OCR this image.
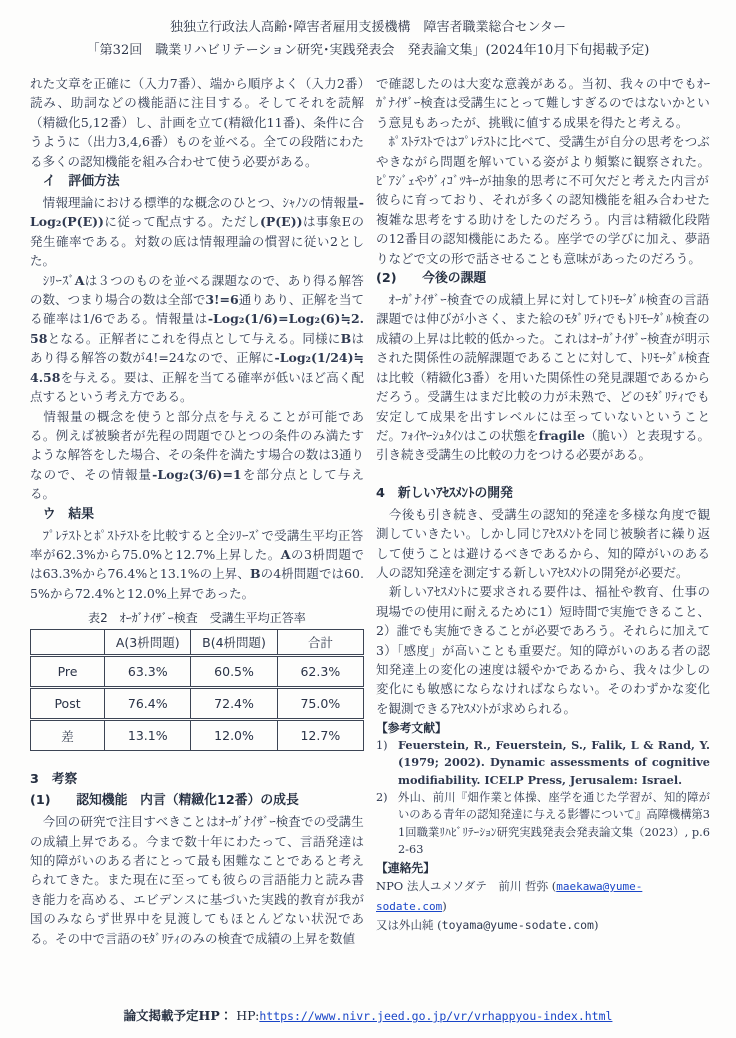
独独立行政法人高齢･障害者雇用支援機構　障害者職業総合センター
「第32回　職業リハビリテーション研究･実践発表会　発表論文集」(2024年10月下旬掲載予定)

れた文章を正確に（入力7番）、端から順序よく（入力2番）読み、助詞などの機能語に注目する。そしてそれを読解（精緻化5,12番）し、計画を立て(精緻化11番)、条件に合うように（出力3,4,6番）ものを並べる。全ての段階にわたる多くの認知機能を組み合わせて使う必要がある。

　イ　評価方法

　情報理論における標準的な概念のひとつ、ｼｬﾉﾝの情報量-Log₂(P(E))に従って配点する。ただし(P(E))は事象Eの発生確率である。対数の底は情報理論の慣習に従い2とした。

　ｼﾘｰｽﾞAは３つのものを並べる課題なので、あり得る解答の数、つまり場合の数は全部で3!=6通りあり、正解を当てる確率は1/6である。情報量は-Log₂(1/6)=Log₂(6)≒2.58となる。正解者にこれを得点として与える。同様にBはあり得る解答の数が4!=24なので、正解に-Log₂(1/24)≒4.58を与える。要は、正解を当てる確率が低いほど高く配点するという考え方である。

　情報量の概念を使うと部分点を与えることが可能である。例えば被験者が先程の問題でひとつの条件のみ満たすような解答をした場合、その条件を満たす場合の数は3通りなので、その情報量-Log₂(3/6)=1を部分点として与える。

　ウ　結果

　ﾌﾟﾚﾃｽﾄとﾎﾟｽﾄﾃｽﾄを比較すると全ｼﾘｰｽﾞで受講生平均正答率が62.3%から75.0%と12.7%上昇した。Aの3枡問題では63.3%から76.4%と13.1%の上昇、Bの4枡問題では60.5%から72.4%と12.0%上昇であった。

表2　ｵｰｶﾞﾅｲｻﾞｰ検査　受講生平均正答率

	A(3枡問題)	B(4枡問題)	合計
Pre	63.3%	60.5%	62.3%
Post	76.4%	72.4%	75.0%
差	13.1%	12.0%	12.7%

3　考察

(1)　　認知機能　内言（精緻化12番）の成長

　今回の研究で注目すべきことはｵｰｶﾞﾅｲｻﾞｰ検査での受講生の成績上昇である。今まで数十年にわたって、言語発達は知的障がいのある者にとって最も困難なことであると考えられてきた。また現在に至っても彼らの言語能力と読み書き能力を高める、エビデンスに基づいた実践的教育が我が国のみならず世界中を見渡してもほとんどない状況である。その中で言語のﾓﾀﾞﾘﾃｨのみの検査で成績の上昇を数値

で確認したのは大変な意義がある。当初、我々の中でもｵｰｶﾞﾅｲｻﾞｰ検査は受講生にとって難しすぎるのではないかという意見もあったが、挑戦に値する成果を得たと考える。

　ﾎﾟｽﾄﾃｽﾄではﾌﾟﾚﾃｽﾄに比べて、受講生が自分の思考をつぶやきながら問題を解いている姿がより頻繁に観察された。ﾋﾟｱｼﾞｪやｳﾞｨｺﾞﾂｷｰが抽象的思考に不可欠だと考えた内言が彼らに育っており、それが多くの認知機能を組み合わせた複雑な思考をする助けをしたのだろう。内言は精緻化段階の12番目の認知機能にあたる。座学での学びに加え、夢語りなどで文の形で話させることも意味があったのだろう。

(2)　　今後の課題

　ｵｰｶﾞﾅｲｻﾞｰ検査での成績上昇に対してﾄﾘﾓｰﾀﾞﾙ検査の言語課題では伸びが小さく、また絵のﾓﾀﾞﾘﾃｨでもﾄﾘﾓｰﾀﾞﾙ検査の成績の上昇は比較的低かった。これはｵｰｶﾞﾅｲｻﾞｰ検査が明示された関係性の読解課題であることに対して、ﾄﾘﾓｰﾀﾞﾙ検査は比較（精緻化3番）を用いた関係性の発見課題であるからだろう。受講生はまだ比較の力が未熟で、どのﾓﾀﾞﾘﾃｨでも安定して成果を出すレベルには至っていないということだ。ﾌｫｲﾔｰｼｭﾀｲﾝはこの状態をfragile（脆い）と表現する。引き続き受講生の比較の力をつける必要がある。

4　新しいｱｾｽﾒﾝﾄの開発

　今後も引き続き、受講生の認知的発達を多様な角度で観測していきたい。しかし同じｱｾｽﾒﾝﾄを同じ被験者に繰り返して使うことは避けるべきであるから、知的障がいのある人の認知発達を測定する新しいｱｾｽﾒﾝﾄの開発が必要だ。

　新しいｱｾｽﾒﾝﾄに要求される要件は、福祉や教育、仕事の現場での使用に耐えるために1）短時間で実施できること、2）誰でも実施できることが必要であろう。それらに加えて3）「感度」が高いことも重要だ。知的障がいのある者の認知発達上の変化の速度は緩やかであるから、我々は少しの変化にも敏感にならなければならない。そのわずかな変化を観測できるｱｾｽﾒﾝﾄが求められる。

【参考文献】

1) Feuerstein, R., Feuerstein, S., Falik, L & Rand, Y. (1979; 2002). Dynamic assessments of cognitive modifiability. ICELP Press, Jerusalem: Israel.
2) 外山、前川『畑作業と体操、座学を通じた学習が、知的障がいのある青年の認知発達に与える影響について』高障機構第31回職業ﾘﾊﾋﾞﾘﾃｰｼｮﾝ研究実践発表会発表論文集（2023）, p.62-63

【連絡先】

NPO 法人ユメソダテ　前川 哲弥 (maekawa@yume-sodate.com)

又は外山純 (toyama@yume-sodate.com)

論文掲載予定HP： HP:https://www.nivr.jeed.go.jp/vr/vrhappyou-index.html
